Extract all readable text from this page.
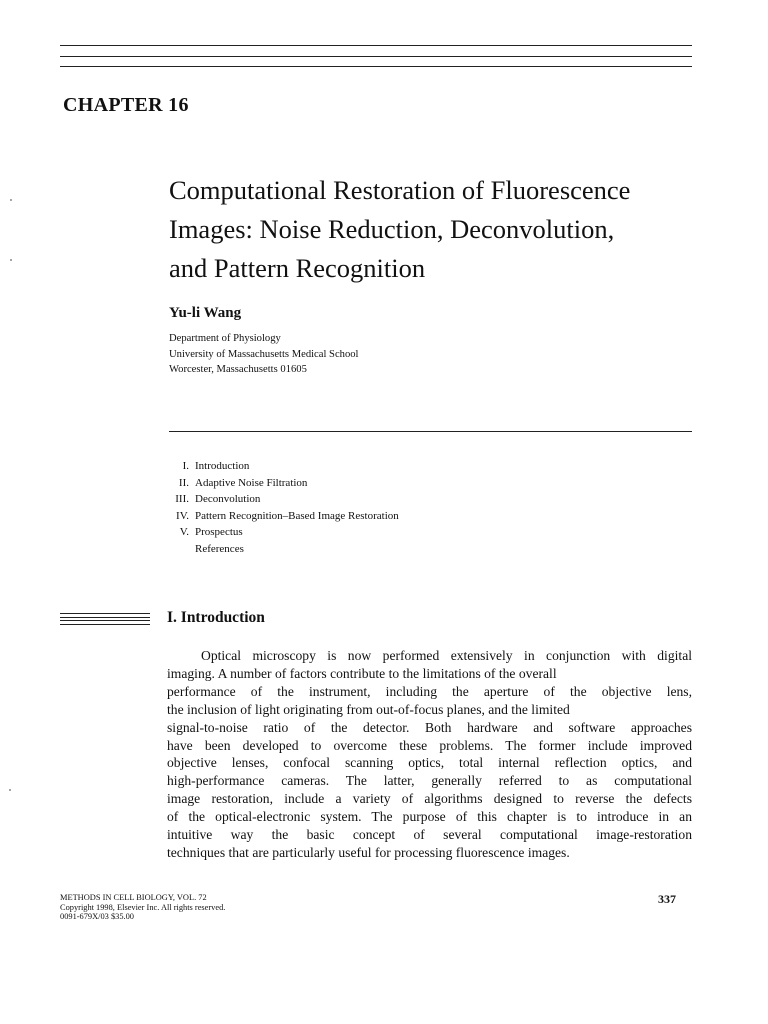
CHAPTER 16
Computational Restoration of Fluorescence
Images: Noise Reduction, Deconvolution,
and Pattern Recognition
Yu-li Wang
Department of Physiology
University of Massachusetts Medical School
Worcester, Massachusetts 01605
I. Introduction
II. Adaptive Noise Filtration
III. Deconvolution
IV. Pattern Recognition–Based Image Restoration
V. Prospectus
References
I. Introduction
Optical microscopy is now performed extensively in conjunction with digital
imaging. A number of factors contribute to the limitations of the overall
performance of the instrument, including the aperture of the objective lens,
the inclusion of light originating from out-of-focus planes, and the limited
signal-to-noise ratio of the detector. Both hardware and software approaches
have been developed to overcome these problems. The former include improved
objective lenses, confocal scanning optics, total internal reflection optics, and
high-performance cameras. The latter, generally referred to as computational
image restoration, include a variety of algorithms designed to reverse the defects
of the optical-electronic system. The purpose of this chapter is to introduce in an
intuitive way the basic concept of several computational image-restoration
techniques that are particularly useful for processing fluorescence images.
METHODS IN CELL BIOLOGY, VOL. 72
Copyright 1998, Elsevier Inc. All rights reserved.
0091-679X/03 $35.00
337
